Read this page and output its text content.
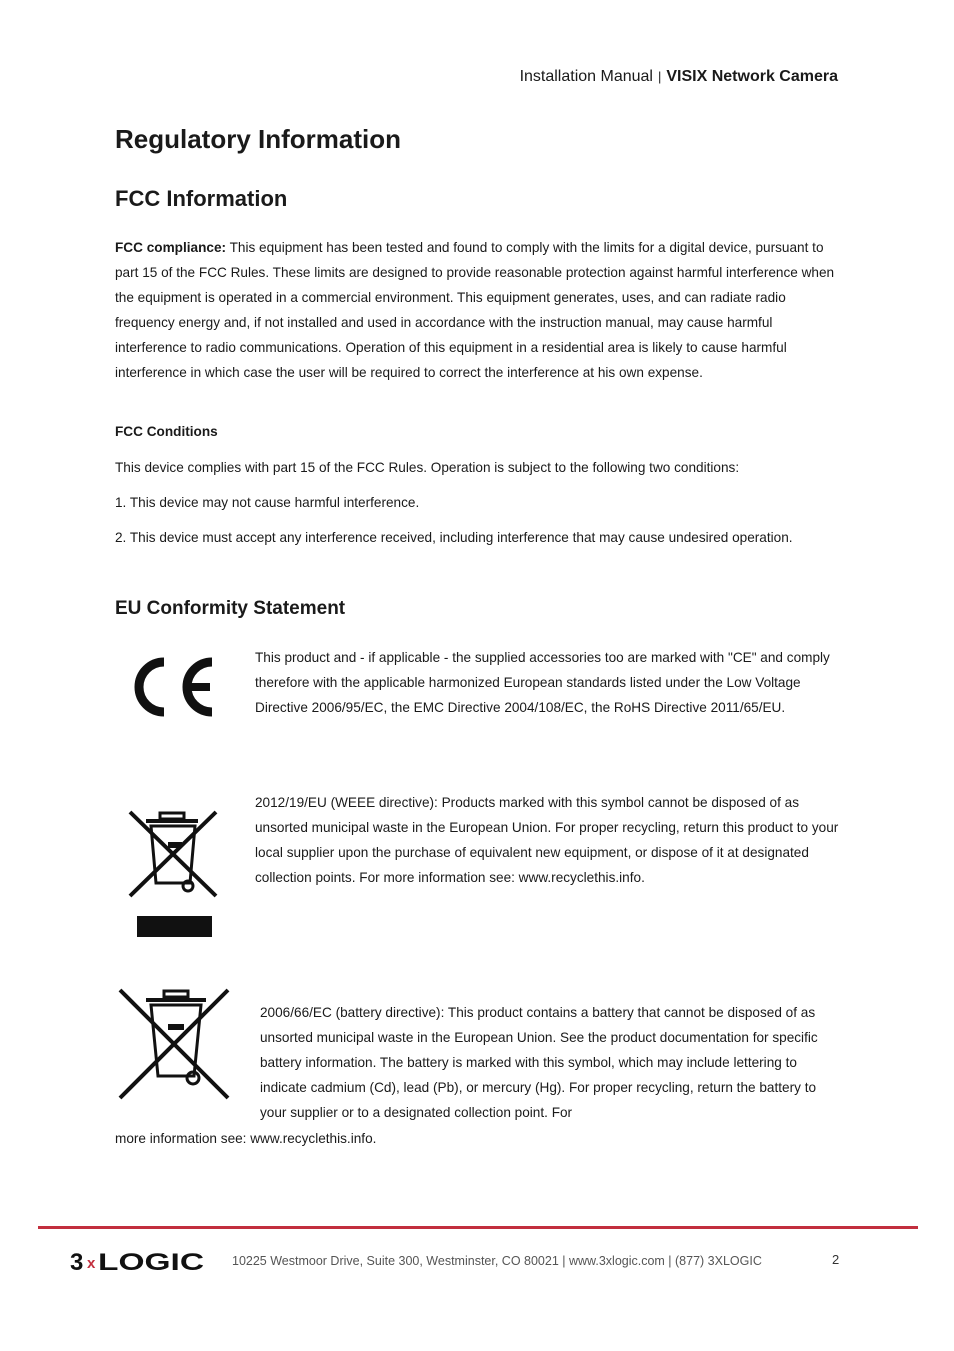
Installation Manual | VISIX Network Camera
Regulatory Information
FCC Information

FCC compliance: This equipment has been tested and found to comply with the limits for a digital device, pursuant to part 15 of the FCC Rules. These limits are designed to provide reasonable protection against harmful interference when the equipment is operated in a commercial environment. This equipment generates, uses, and can radiate radio frequency energy and, if not installed and used in accordance with the instruction manual, may cause harmful interference to radio communications. Operation of this equipment in a residential area is likely to cause harmful interference in which case the user will be required to correct the interference at his own expense.

FCC Conditions

This device complies with part 15 of the FCC Rules. Operation is subject to the following two conditions:

1. This device may not cause harmful interference.

2. This device must accept any interference received, including interference that may cause undesired operation.

EU Conformity Statement

This product and - if applicable - the supplied accessories too are marked with "CE" and comply therefore with the applicable harmonized European standards listed under the Low Voltage Directive 2006/95/EC, the EMC Directive 2004/108/EC, the RoHS Directive 2011/65/EU.

2012/19/EU (WEEE directive): Products marked with this symbol cannot be disposed of as unsorted municipal waste in the European Union. For proper recycling, return this product to your local supplier upon the purchase of equivalent new equipment, or dispose of it at designated collection points. For more information see: www.recyclethis.info.

2006/66/EC (battery directive): This product contains a battery that cannot be disposed of as unsorted municipal waste in the European Union. See the product documentation for specific battery information. The battery is marked with this symbol, which may include lettering to indicate cadmium (Cd), lead (Pb), or mercury (Hg). For proper recycling, return the battery to your supplier or to a designated collection point. For

more information see: www.recyclethis.info.

3 x LOGIC 10225 Westmoor Drive, Suite 300, Westminster, CO 80021 | www.3xlogic.com | (877) 3XLOGIC	2
